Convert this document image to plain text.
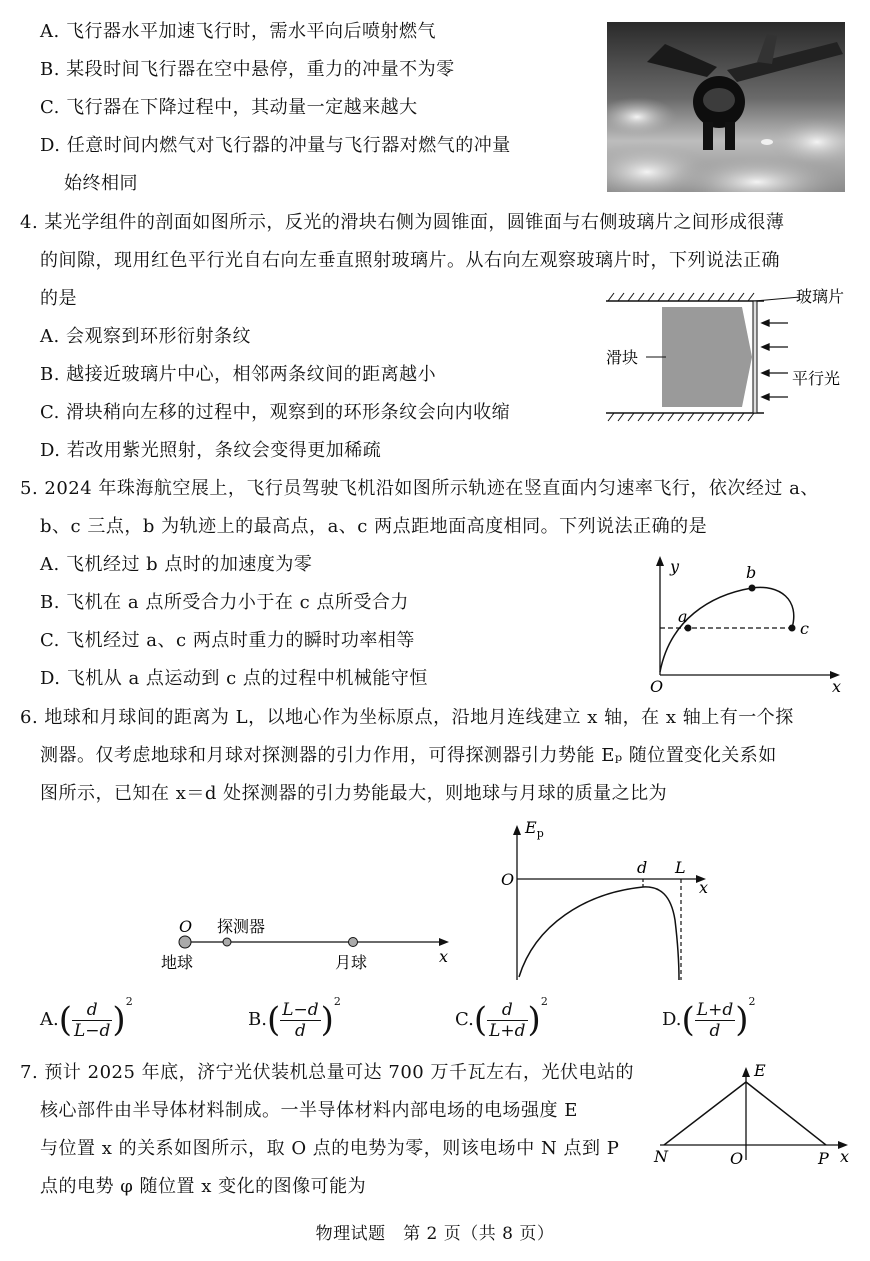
A. 飞行器水平加速飞行时，需水平向后喷射燃气
B. 某段时间飞行器在空中悬停，重力的冲量不为零
C. 飞行器在下降过程中，其动量一定越来越大
D. 任意时间内燃气对飞行器的冲量与飞行器对燃气的冲量
始终相同
4. 某光学组件的剖面如图所示，反光的滑块右侧为圆锥面，圆锥面与右侧玻璃片之间形成很薄
的间隙，现用红色平行光自右向左垂直照射玻璃片。从右向左观察玻璃片时，下列说法正确
的是
A. 会观察到环形衍射条纹
B. 越接近玻璃片中心，相邻两条纹间的距离越小
C. 滑块稍向左移的过程中，观察到的环形条纹会向内收缩
D. 若改用紫光照射，条纹会变得更加稀疏
玻璃片
滑块
平行光
5. 2024 年珠海航空展上，飞行员驾驶飞机沿如图所示轨迹在竖直面内匀速率飞行，依次经过 a、
b、c 三点，b 为轨迹上的最高点，a、c 两点距地面高度相同。下列说法正确的是
A. 飞机经过 b 点时的加速度为零
B. 飞机在 a 点所受合力小于在 c 点所受合力
C. 飞机经过 a、c 两点时重力的瞬时功率相等
D. 飞机从 a 点运动到 c 点的过程中机械能守恒
y
x
O
a
b
c
6. 地球和月球间的距离为 L，以地心作为坐标原点，沿地月连线建立 x 轴，在 x 轴上有一个探
测器。仅考虑地球和月球对探测器的引力作用，可得探测器引力势能 Eₚ 随位置变化关系如
图所示，已知在 x＝d 处探测器的引力势能最大，则地球与月球的质量之比为
O 探测器
地球	月球	x
$E_p$
O
d L
x
$A.( \frac{d}{L-d} )^2$
$B.( \frac{L-d}{d} )^2$
$C.( \frac{d}{L+d} )^2$
$D.( \frac{L+d}{d} )^2$
7. 预计 2025 年底，济宁光伏装机总量可达 700 万千瓦左右，光伏电站的
核心部件由半导体材料制成。一半导体材料内部电场的电场强度 E
与位置 x 的关系如图所示，取 O 点的电势为零，则该电场中 N 点到 P
点的电势 φ 随位置 x 变化的图像可能为
E
N	O	P x
物理试题　第 2 页（共 8 页）
